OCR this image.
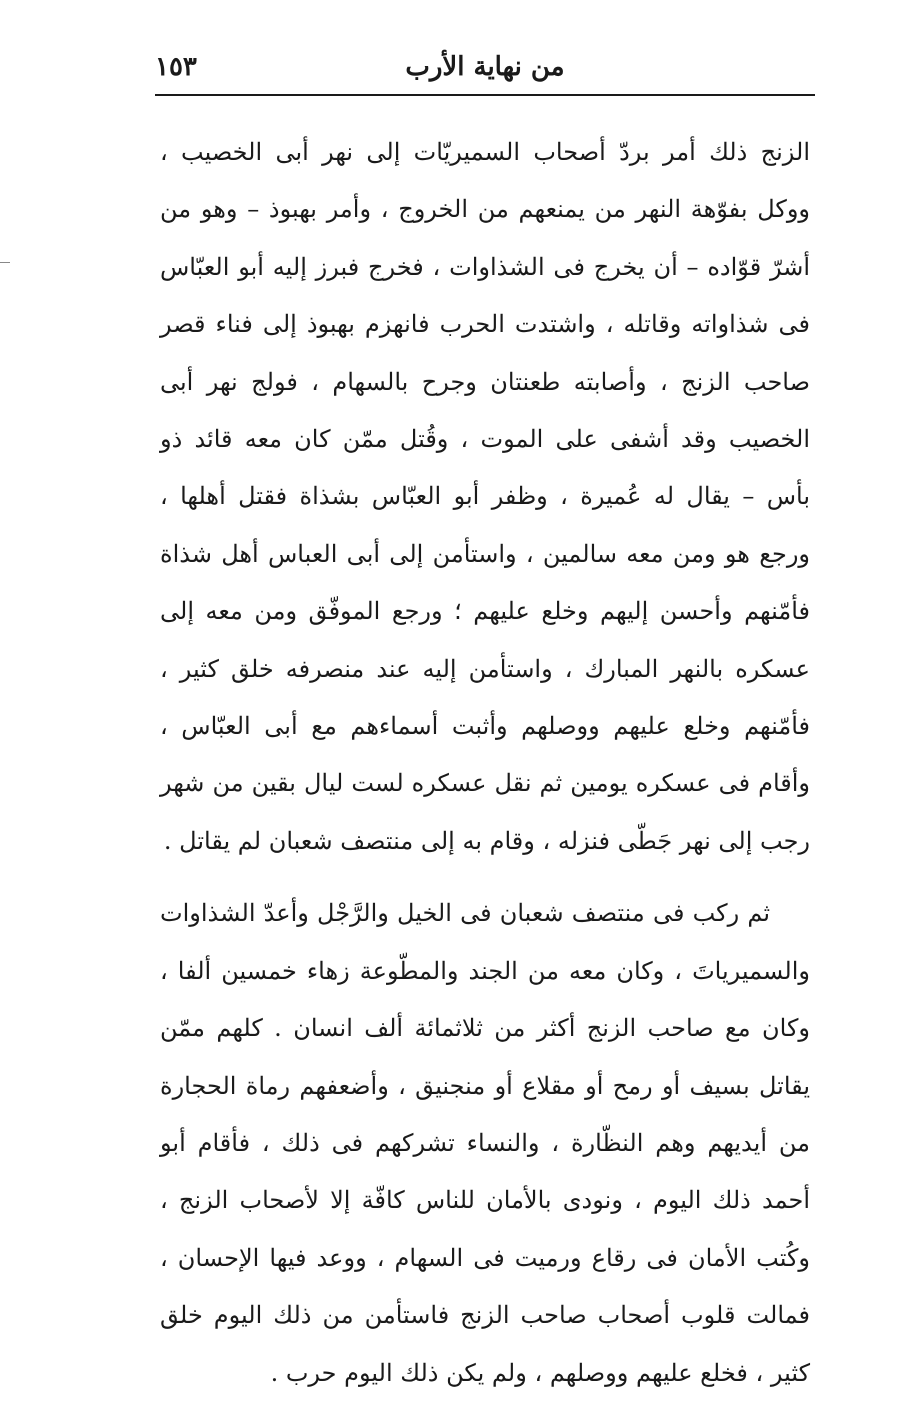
١٥٣	من نهاية الأرب

الزنج ذلك أمر بردّ أصحاب السميريّات إلى نهر أبى الخصيب ، ووكل بفوّهة النهر من يمنعهم من الخروج ، وأمر بهبوذ – وهو من أشرّ قوّاده – أن يخرج فى الشذاوات ، فخرج فبرز إليه أبو العبّاس فى شذاواته وقاتله ، واشتدت الحرب فانهزم بهبوذ إلى فناء قصر صاحب الزنج ، وأصابته طعنتان وجرح بالسهام ، فولج نهر أبى الخصيب وقد أشفى على الموت ، وقُتل ممّن كان معه قائد ذو بأس – يقال له عُميرة ، وظفر أبو العبّاس بشذاة فقتل أهلها ، ورجع هو ومن معه سالمين ، واستأمن إلى أبى العباس أهل شذاة فأمّنهم وأحسن إليهم وخلع عليهم ؛ ورجع الموفّق ومن معه إلى عسكره بالنهر المبارك ، واستأمن إليه عند منصرفه خلق كثير ، فأمّنهم وخلع عليهم ووصلهم وأثبت أسماءهم مع أبى العبّاس ، وأقام فى عسكره يومين ثم نقل عسكره لست ليال بقين من شهر رجب إلى نهر جَطّى فنزله ، وقام به إلى منتصف شعبان لم يقاتل .

ثم ركب فى منتصف شعبان فى الخيل والرَّجْل وأعدّ الشذاوات والسميرياتَ ، وكان معه من الجند والمطّوعة زهاء خمسين ألفا ، وكان مع صاحب الزنج أكثر من ثلاثمائة ألف انسان . كلهم ممّن يقاتل بسيف أو رمح أو مقلاع أو منجنيق ، وأضعفهم رماة الحجارة من أيديهم وهم النظّارة ، والنساء تشركهم فى ذلك ، فأقام أبو أحمد ذلك اليوم ، ونودى بالأمان للناس كافّة إلا لأصحاب الزنج ، وكُتب الأمان فى رقاع ورميت فى السهام ، ووعد فيها الإحسان ، فمالت قلوب أصحاب صاحب الزنج فاستأمن من ذلك اليوم خلق كثير ، فخلع عليهم ووصلهم ، ولم يكن ذلك اليوم حرب .
